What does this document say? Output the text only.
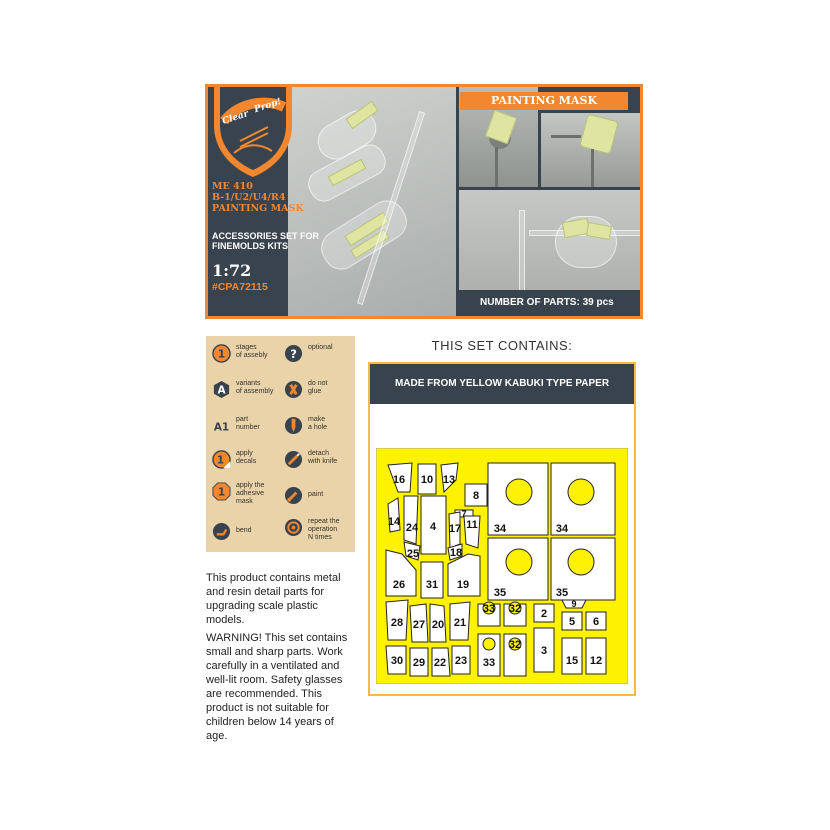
Clear
Prop!	PAINTING MASK
ME 410
B-1/U2/U4/R4
PAINTING MASK
ACCESSORIES SET FOR
FINEMOLDS KITS
1:72
#CPA72115
NUMBER OF PARTS: 39 pcs
1
stages
of assebly ? optional
A
variants
of assembly
do not
glue
A1
part
number
make
a hole
1
apply
decals
detach
with knife
1
apply the
adhesive
mask
paint
bend
repeat the
operation
N times

This product contains metal and resin detail parts for upgrading scale plastic models.

WARNING! This set contains small and sharp parts. Work carefully in a ventilated and well-lit room. Safety glasses are recommended. This product is not suitable for children below 14 years of age.

THIS SET CONTAINS:
MADE FROM YELLOW KABUKI TYPE PAPER
16 10 13
8
7
14 24 4 17 11
25	18
26 31 19
34	34
35	35
28 27 20 21
33 32 2
9
5 6
30 29 22 23 33
32 3
15 12
